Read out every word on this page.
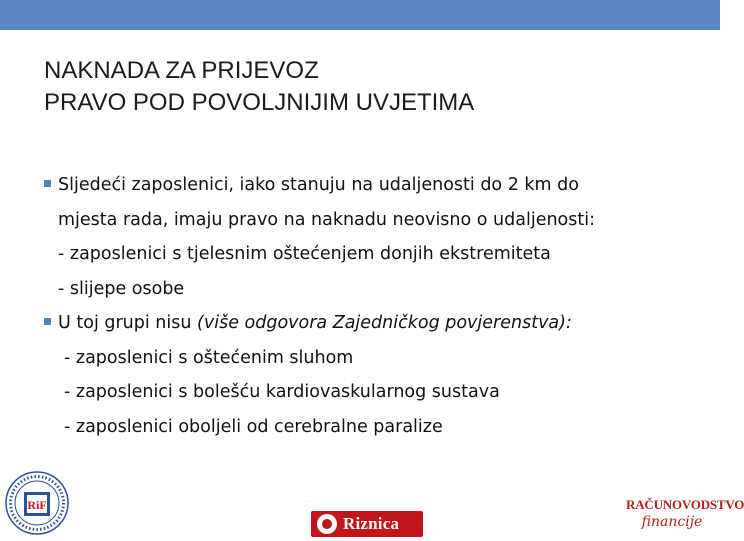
NAKNADA ZA PRIJEVOZ
PRAVO POD POVOLJNIJIM UVJETIMA
Sljedeći zaposlenici, iako stanuju na udaljenosti do 2 km do
mjesta rada, imaju pravo na naknadu neovisno o udaljenosti:
- zaposlenici s tjelesnim oštećenjem donjih ekstremiteta
- slijepe osobe
U toj grupi nisu (više odgovora Zajedničkog povjerenstva):
- zaposlenici s oštećenim sluhom
- zaposlenici s bolešću kardiovaskularnog sustava
- zaposlenici oboljeli od cerebralne paralize
RiF
Riznica
RAČUNOVODSTVO
financije
